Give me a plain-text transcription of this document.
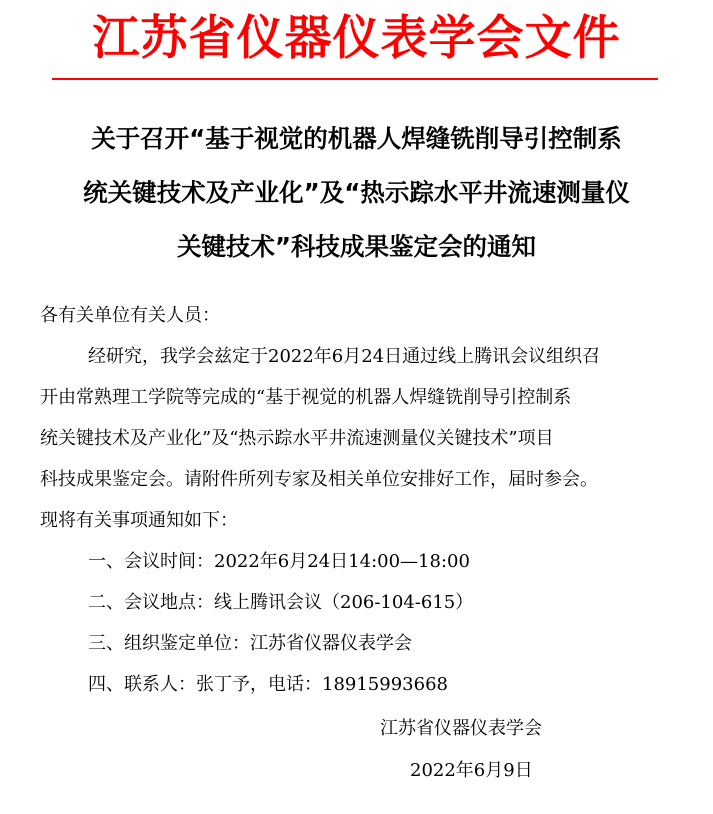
江苏省仪器仪表学会文件
关于召开“基于视觉的机器人焊缝铣削导引控制系
统关键技术及产业化”及“热示踪水平井流速测量仪
关键技术”科技成果鉴定会的通知
各有关单位有关人员：
经研究，我学会兹定于2022年6月24日通过线上腾讯会议组织召
开由常熟理工学院等完成的“基于视觉的机器人焊缝铣削导引控制系
统关键技术及产业化”及“热示踪水平井流速测量仪关键技术”项目
科技成果鉴定会。请附件所列专家及相关单位安排好工作，届时参会。
现将有关事项通知如下：
一、会议时间：2022年6月24日14:00—18:00
二、会议地点：线上腾讯会议（206-104-615）
三、组织鉴定单位：江苏省仪器仪表学会
四、联系人：张丁予，电话：18915993668
江苏省仪器仪表学会
2022年6月9日
